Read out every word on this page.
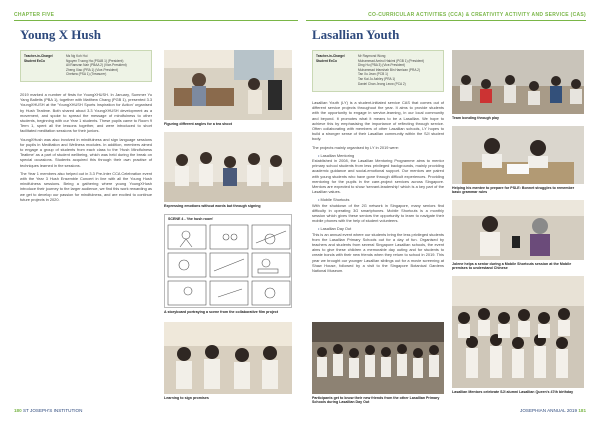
CHAPTER FIVE	CO-CURRICULAR ACTIVITIES (CCA) & CREATIVITY ACTIVITY AND SERVICE (CAS)
Young X Hush
Teacher-in-Charge/ Student ExCo
Ms Ng Koh Hui
Nguyen Truong Ha (PSAB 1) (President)
Ali Ramzan Nair (PBAA 2) (Vice-President)
Zheng Xiao (PRA 1) (Vice-President)
Chelsea (PSA 1) (Treasurer)

2019 marked a number of firsts for YoungXHUSH. In January, Summer Yu Yang Balletts (PBA 1), together with Matthew Chang (PGB 1), presented 3.3 YoungXHUSH at the 'YoungXHUSH Sports Inspiration for Action' organised by Hush Teatime. Both shared about 3.3 YoungXHUSH development as a movement, and spoke to spread the message of mindfulness to other students, beginning with our Year 1 students. These pupils came to Room 9 Term 1, spent all the lessons together, and were introduced to short facilitated meditation sessions for their juniors.

YoungXHush was also involved in mindfulness and sign language sessions for pupils in Meditation and Wellness modules. In addition, members aimed to engage a group of students from each class to the 'Hush Mindfulness Teatime' as a part of student wellbeing, which was held during the break on special occasions. Students acquired this through their own practise of techniques learned in the sessions.

The Year 1 members also helped out in 3.3 Pre-Inter CCA Celebration event with the Year 3 Hush Ensemble Concert in line with all the Young Hush mindfulness sessions. Being a gathering where young YoungXHush introduce their journey to the larger audience, we find this work rewarding as we get to develop our passion for mindfulness, and are excited to continue future projects in 2020.

Figuring different angles for a tea shoot
Expressing emotions without words but through signing
SCENE 4 - 'the hush room'
A storyboard portraying a scene from the collaborative film project
Learning to sign promises
Lasallian Youth
Teacher-in-Charge/ Student ExCo
Mr Raymond Wong
Muhammad Amirul Hakimi (PGB 1) (President)
Ding Hu (PBA 3) (Vice-President)
Muhammad Irfanshah Bin Hamizan (PRA 2)
Tan Xu Jean (PCB 1)
Tan Kai Ju Ashley (PRA 1)
Daniel Chan Jeong Leow (PCA 2)

Lasallian Youth (LY) is a student-initiated service CAS that comes out of different service projects throughout the year. It aims to provide students with the opportunity to engage in service-learning, in our local community and beyond. It promotes what it means to be a Lasallian. We hope to achieve this by emphasising the importance of reflecting through service. Often collaborating with members of other Lasallian schools, LY hopes to build a stronger sense of their Lasallian community within the SJI student body.

The projects mainly organised by LY in 2019 were:

• Lasallian Mentoring

Established in 2008, the Lasallian Mentoring Programme aims to mentor primary school students from less privileged backgrounds, mainly providing academic guidance and social-emotional support. Our mentors are paired with young students who have gone through difficult experiences. Providing mentoring for the pupils in the care-project services across Singapore. Mentors are expected to show 'servant-leadership' which is a key part of the Lasallian values.

• Mobile Shortcuts

With the shutdown of the 2G network in Singapore, many seniors find difficulty in operating 3G smartphones. Mobile Shortcuts is a monthly session which gives these seniors the opportunity to learn to navigate their mobile phones with the help of student volunteers.

• Lasallian Day Out

This is an annual event where our students bring the less privileged students from the Lasallian Primary Schools out for a day of fun. Organised by teachers and students from several Singapore Lasallian schools, the event aims to give these children a memorable day outing and for students to create bonds with their new friends when they return to school in 2019. This year we brought our younger Lasallian siblings out for a movie screening at Shaw House, followed by a visit to the Singapore Botanical Gardens National Museum.

Team bonding through play
Helping his mentee to prepare for PSLE: Bonnet struggles to remember basic grammar rules
Jolene helps a senior during a Mobile Shortcuts session at the Mobile premises to understand Chinese
Participants get to know their new friends from the other Lasallian Primary Schools during Lasallian Day Out
Lasallian Mentors celebrate SJI alumni Lasallian Queen's 47th birthday
180 ST JOSEPH'S INSTITUTION	JOSEPHIAN ANNUAL 2019 181
